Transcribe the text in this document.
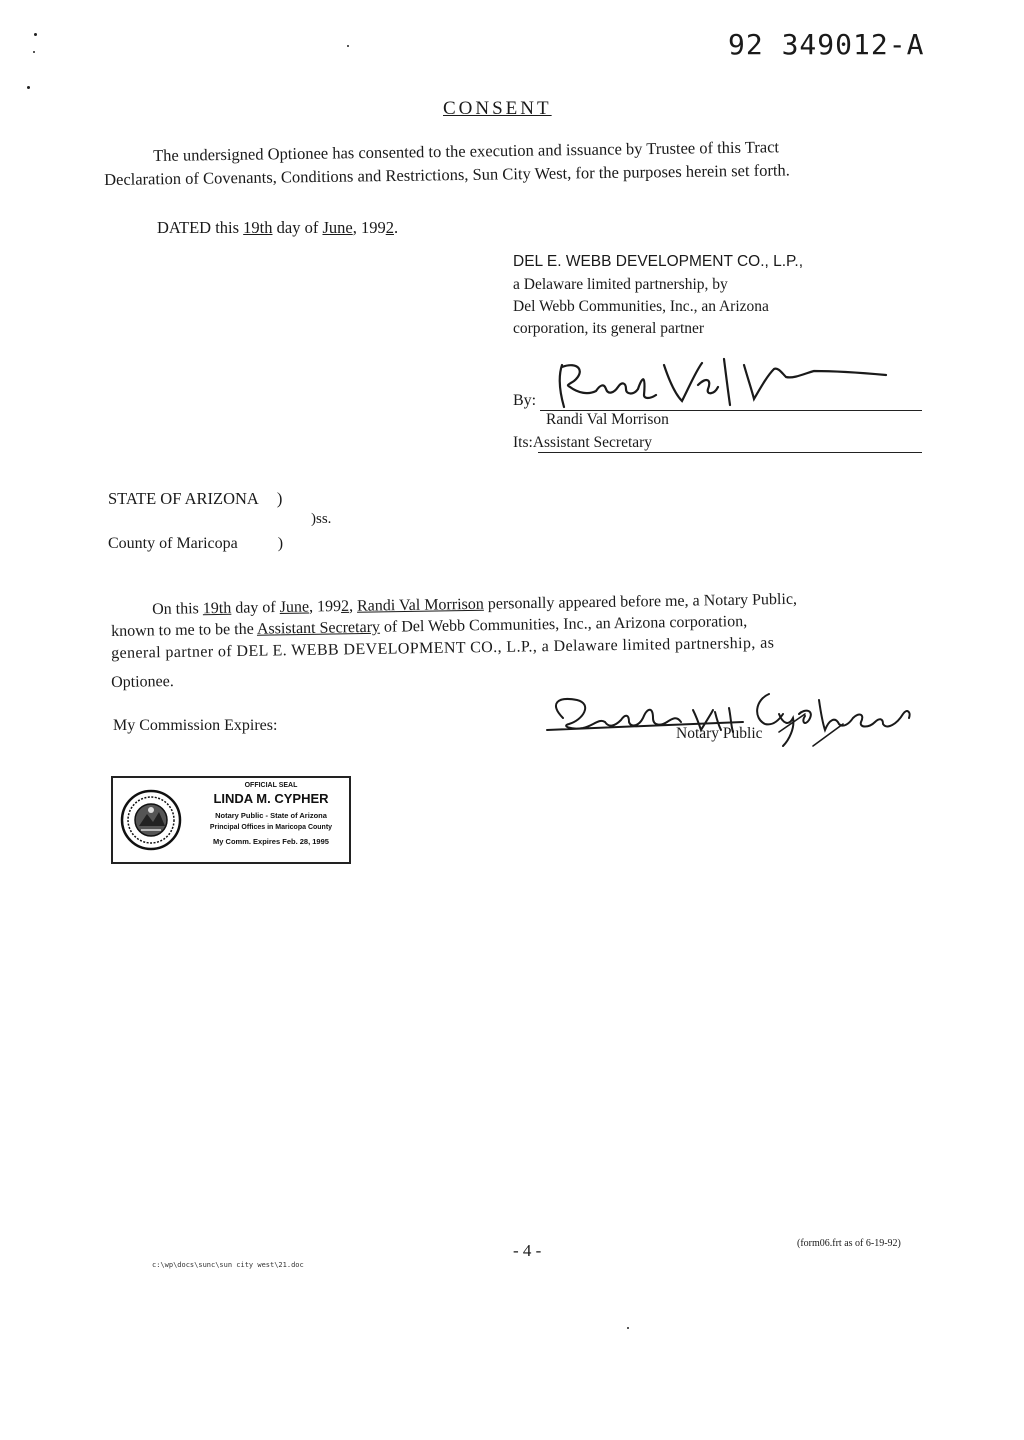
92 349012-A
CONSENT
The undersigned Optionee has consented to the execution and issuance by Trustee of this Tract
Declaration of Covenants, Conditions and Restrictions, Sun City West, for the purposes herein set forth.
DATED this 19th day of June, 1992.
DEL E. WEBB DEVELOPMENT CO., L.P.,
a Delaware limited partnership, by
Del Webb Communities, Inc., an Arizona
corporation, its general partner
By:
Randi Val Morrison
Its:Assistant Secretary
STATE OF ARIZONA )
)ss.
County of Maricopa	)
On this 19th day of June, 1992, Randi Val Morrison personally appeared before me, a Notary Public,
known to me to be the Assistant Secretary of Del Webb Communities, Inc., an Arizona corporation,
general partner of DEL E. WEBB DEVELOPMENT CO., L.P., a Delaware limited partnership, as
Optionee.
My Commission Expires:	Notary Public
OFFICIAL SEAL
LINDA M. CYPHER
Notary Public - State of Arizona
Principal Offices in Maricopa County
My Comm. Expires Feb. 28, 1995
- 4 -	(form06.frt as of 6-19-92)
c:\wp\docs\sunc\sun city west\21.doc
